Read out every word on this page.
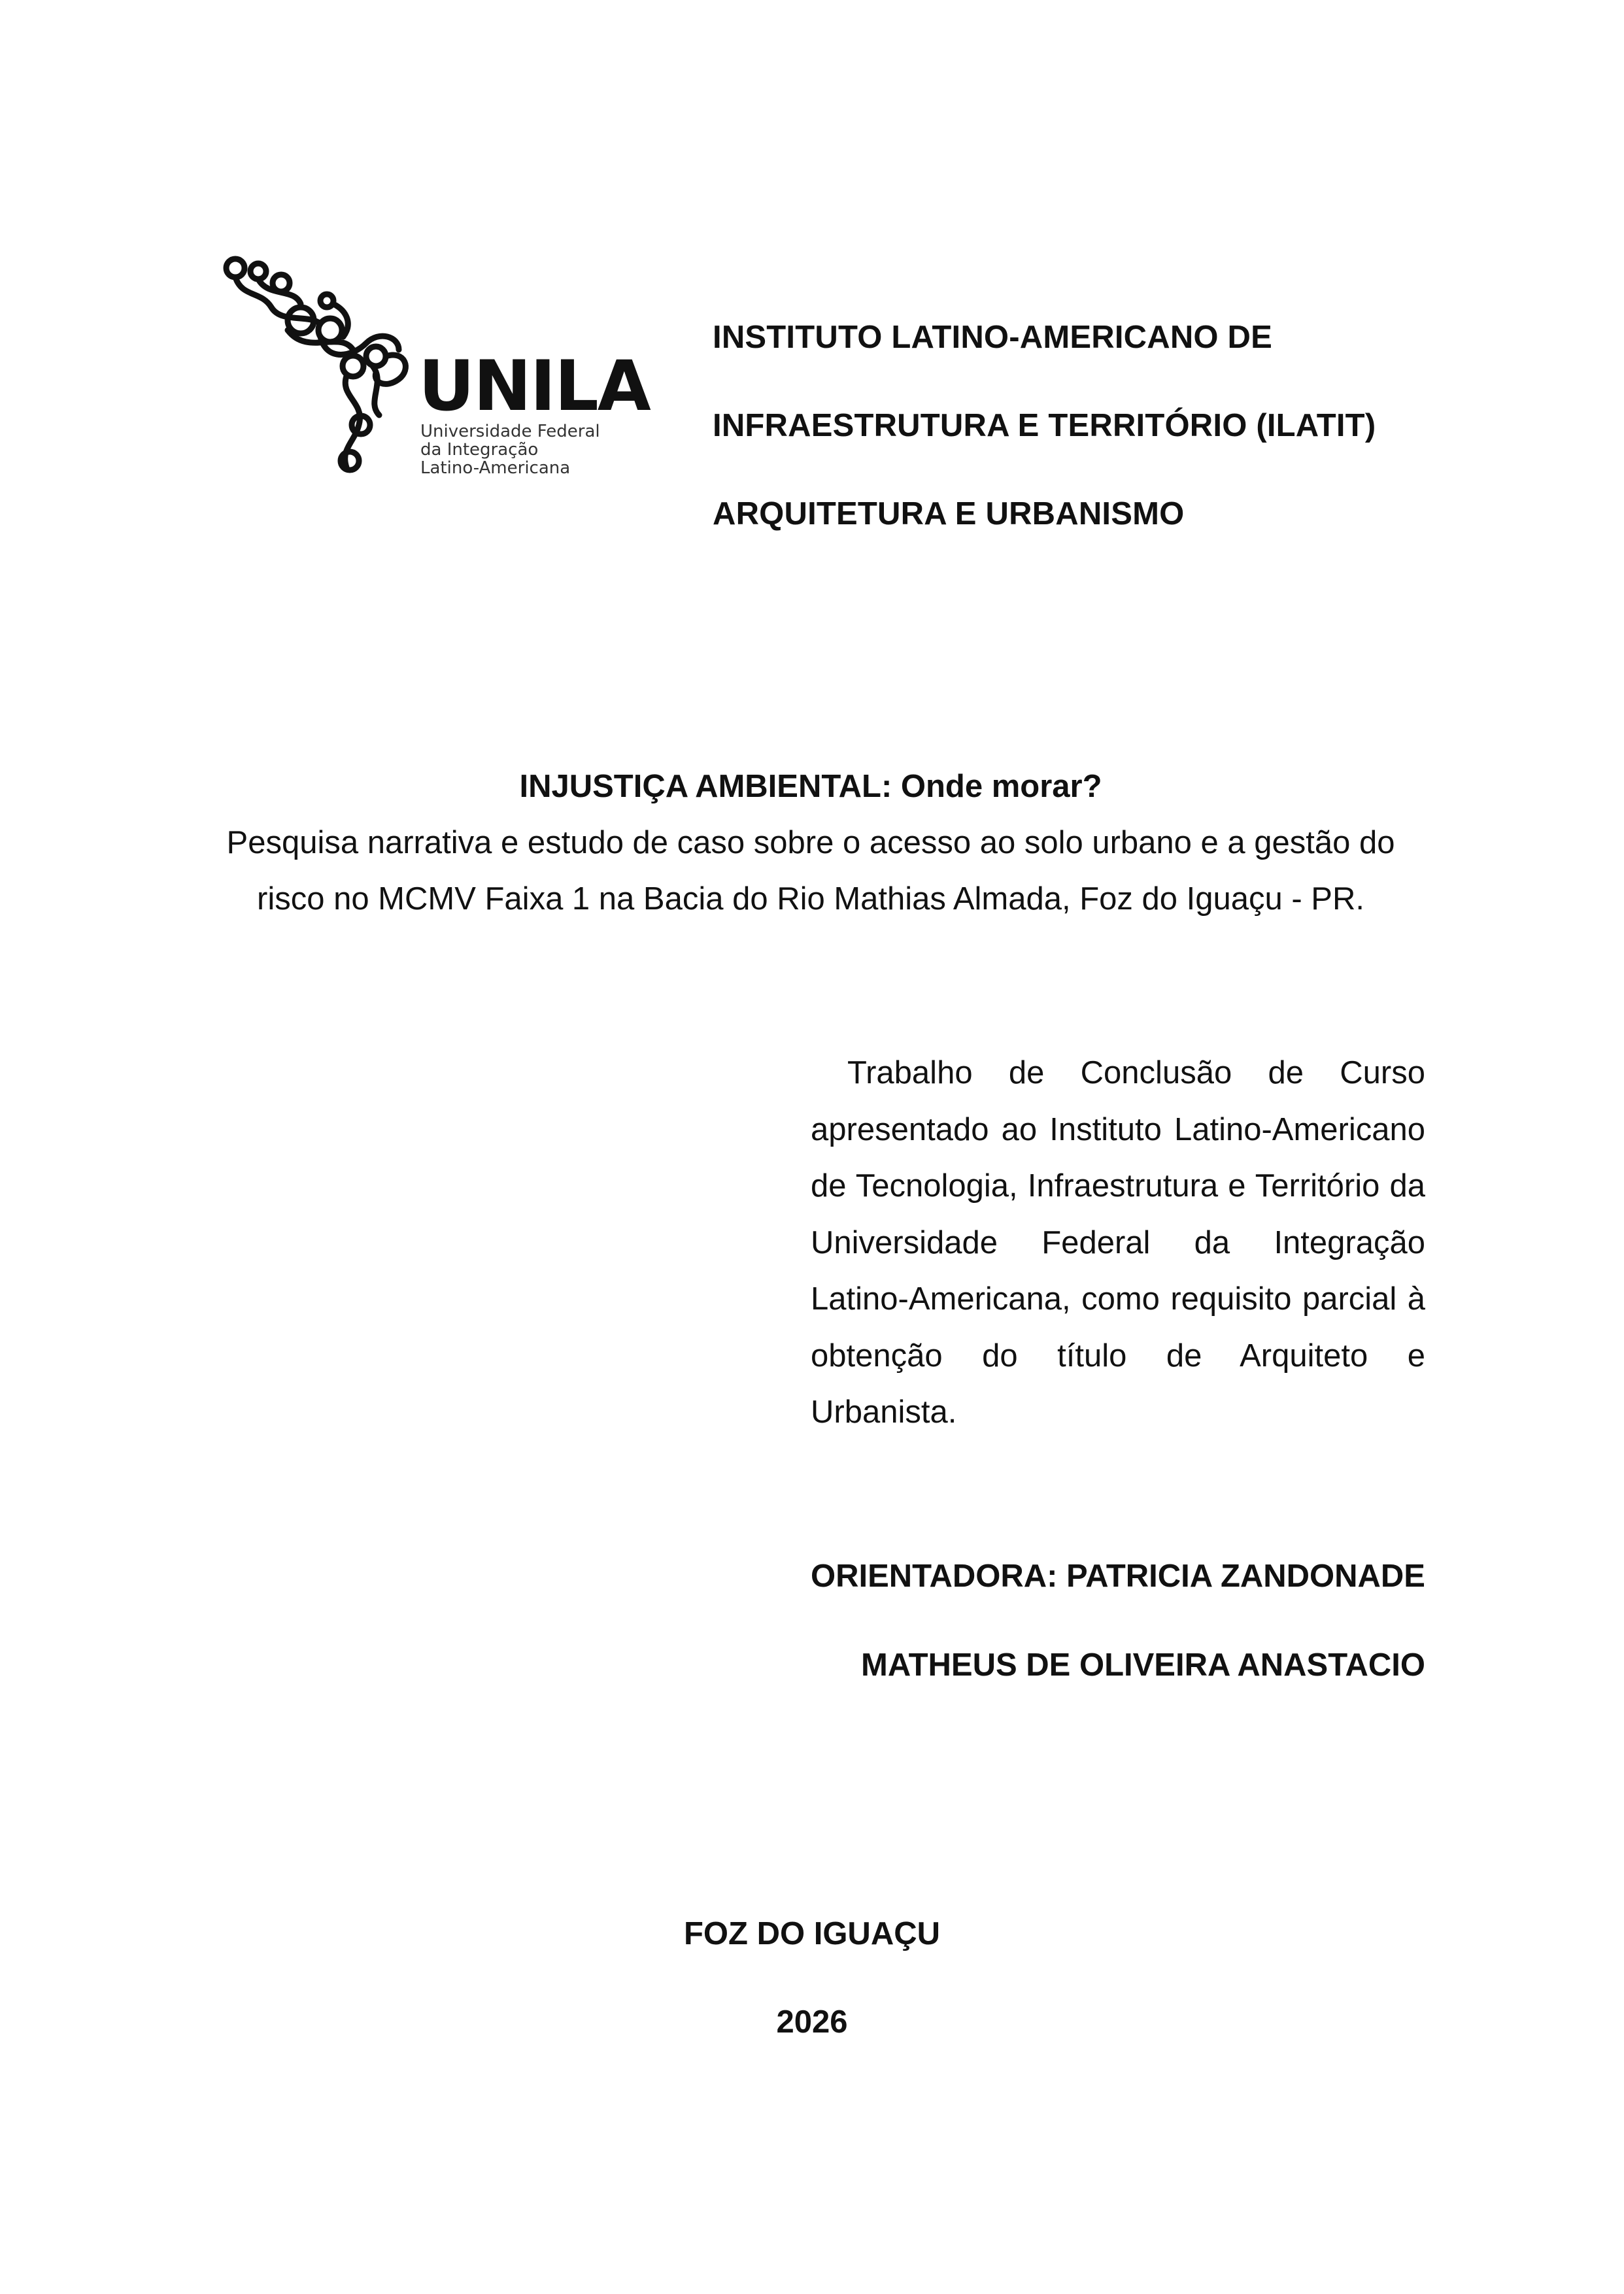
UNILA
Universidade Federal
da Integração
Latino-Americana
INSTITUTO LATINO-AMERICANO DE
INFRAESTRUTURA E TERRITÓRIO (ILATIT)
ARQUITETURA E URBANISMO
INJUSTIÇA AMBIENTAL: Onde morar?
Pesquisa narrativa e estudo de caso sobre o acesso ao solo urbano e a gestão do
risco no MCMV Faixa 1 na Bacia do Rio Mathias Almada, Foz do Iguaçu - PR.
Trabalho de Conclusão de Curso apresentado ao Instituto Latino-Americano de Tecnologia, Infraestrutura e Território da Universidade Federal da Integração Latino-Americana, como requisito parcial à obtenção do título de Arquiteto e Urbanista.
ORIENTADORA: PATRICIA ZANDONADE
MATHEUS DE OLIVEIRA ANASTACIO
FOZ DO IGUAÇU
2026
